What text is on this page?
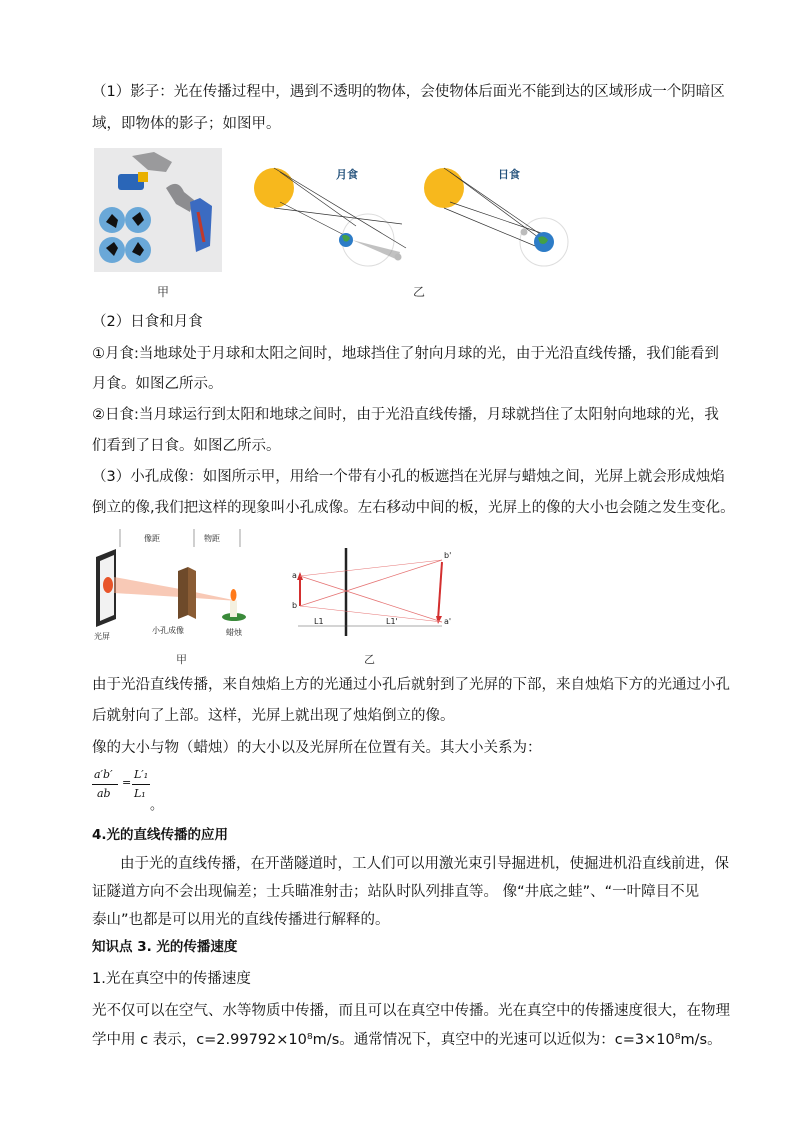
（1）影子：光在传播过程中，遇到不透明的物体，会使物体后面光不能到达的区域形成一个阴暗区
域，即物体的影子；如图甲。
甲
月食	日食
乙
（2）日食和月食
①月食:当地球处于月球和太阳之间时，地球挡住了射向月球的光，由于光沿直线传播，我们能看到
月食。如图乙所示。
②日食:当月球运行到太阳和地球之间时，由于光沿直线传播，月球就挡住了太阳射向地球的光，我
们看到了日食。如图乙所示。
（3）小孔成像：如图所示甲，用给一个带有小孔的板遮挡在光屏与蜡烛之间，光屏上就会形成烛焰
倒立的像,我们把这样的现象叫小孔成像。左右移动中间的板，光屏上的像的大小也会随之发生变化。
像距	物距
光屏
小孔成像	蜡烛
甲
a
b
b'
a'
L1	L1'
乙
由于光沿直线传播，来自烛焰上方的光通过小孔后就射到了光屏的下部，来自烛焰下方的光通过小孔
后就射向了上部。这样，光屏上就出现了烛焰倒立的像。
像的大小与物（蜡烛）的大小以及光屏所在位置有关。其大小关系为：
a′b′
ab
=
L′₁
L₁
。
4.光的直线传播的应用
由于光的直线传播，在开凿隧道时，工人们可以用激光束引导掘进机，使掘进机沿直线前进，保
证隧道方向不会出现偏差；士兵瞄准射击；站队时队列排直等。 像“井底之蛙”、“一叶障目不见
泰山”也都是可以用光的直线传播进行解释的。
知识点 3. 光的传播速度
1.光在真空中的传播速度
光不仅可以在空气、水等物质中传播，而且可以在真空中传播。光在真空中的传播速度很大，在物理
学中用 c 表示，c=2.99792×10⁸m/s。通常情况下，真空中的光速可以近似为：c=3×10⁸m/s。
